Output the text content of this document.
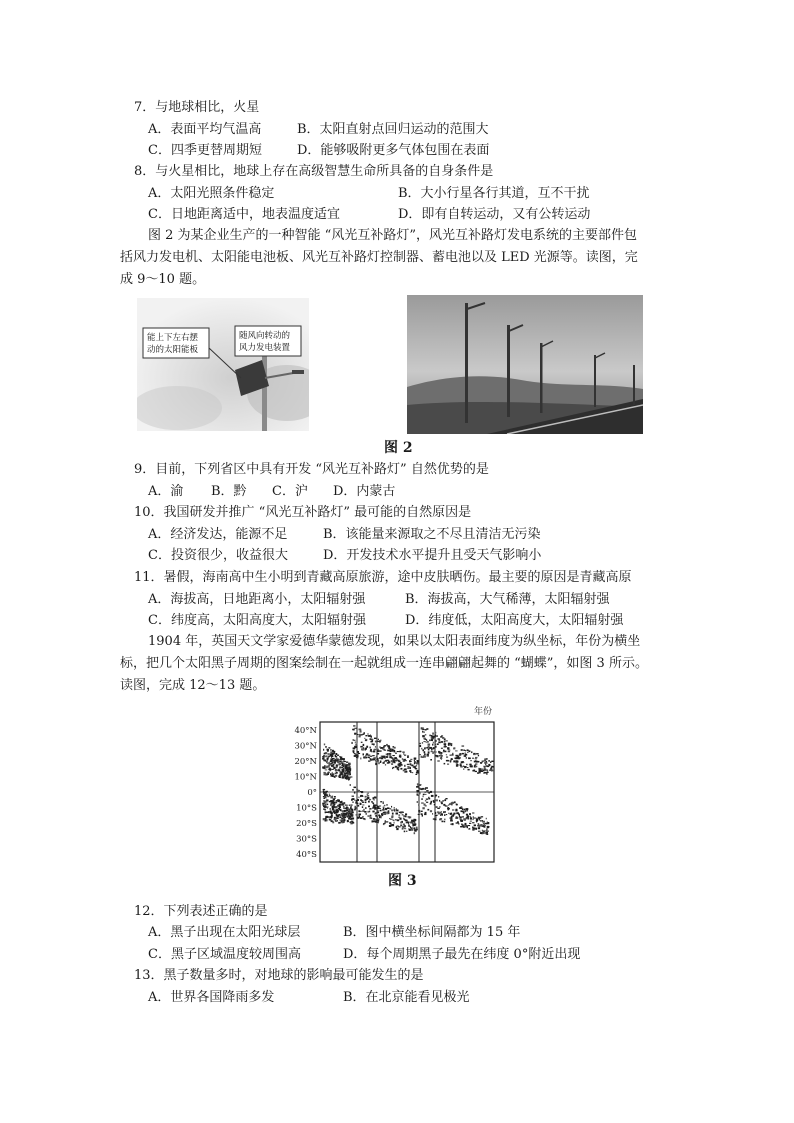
7．与地球相比，火星
A．表面平均气温高	B．太阳直射点回归运动的范围大
C．四季更替周期短	D．能够吸附更多气体包围在表面
8．与火星相比，地球上存在高级智慧生命所具备的自身条件是
A．太阳光照条件稳定	B．大小行星各行其道，互不干扰
C．日地距离适中，地表温度适宜	D．即有自转运动，又有公转运动
图 2 为某企业生产的一种智能 “风光互补路灯”，风光互补路灯发电系统的主要部件包
括风力发电机、太阳能电池板、风光互补路灯控制器、蓄电池以及 LED 光源等。读图，完
成 9～10 题。
能上下左右摆
动的太阳能板
随风向转动的
风力发电装置
图 2
9．目前，下列省区中具有开发 “风光互补路灯” 自然优势的是
A．渝 B．黔 C．沪 D．内蒙古
10．我国研发并推广 “风光互补路灯” 最可能的自然原因是
A．经济发达，能源不足	B．该能量来源取之不尽且清洁无污染
C．投资很少，收益很大	D．开发技术水平提升且受天气影响小
11．暑假，海南高中生小明到青藏高原旅游，途中皮肤晒伤。最主要的原因是青藏高原
A．海拔高，日地距离小，太阳辐射强	B．海拔高，大气稀薄，太阳辐射强
C．纬度高，太阳高度大，太阳辐射强	D．纬度低，太阳高度大，太阳辐射强
1904 年，英国天文学家爱德华蒙德发现，如果以太阳表面纬度为纵坐标，年份为横坐
标，把几个太阳黑子周期的图案绘制在一起就组成一连串翩翩起舞的 “蝴蝶”，如图 3 所示。
读图，完成 12～13 题。
40°N
30°N
20°N
10°N
0°
10°S
20°S
30°S
40°S
年份
图 3
12．下列表述正确的是
A．黑子出现在太阳光球层	B．图中横坐标间隔都为 15 年
C．黑子区域温度较周围高	D．每个周期黑子最先在纬度 0°附近出现
13．黑子数量多时，对地球的影响最可能发生的是
A．世界各国降雨多发	B．在北京能看见极光
